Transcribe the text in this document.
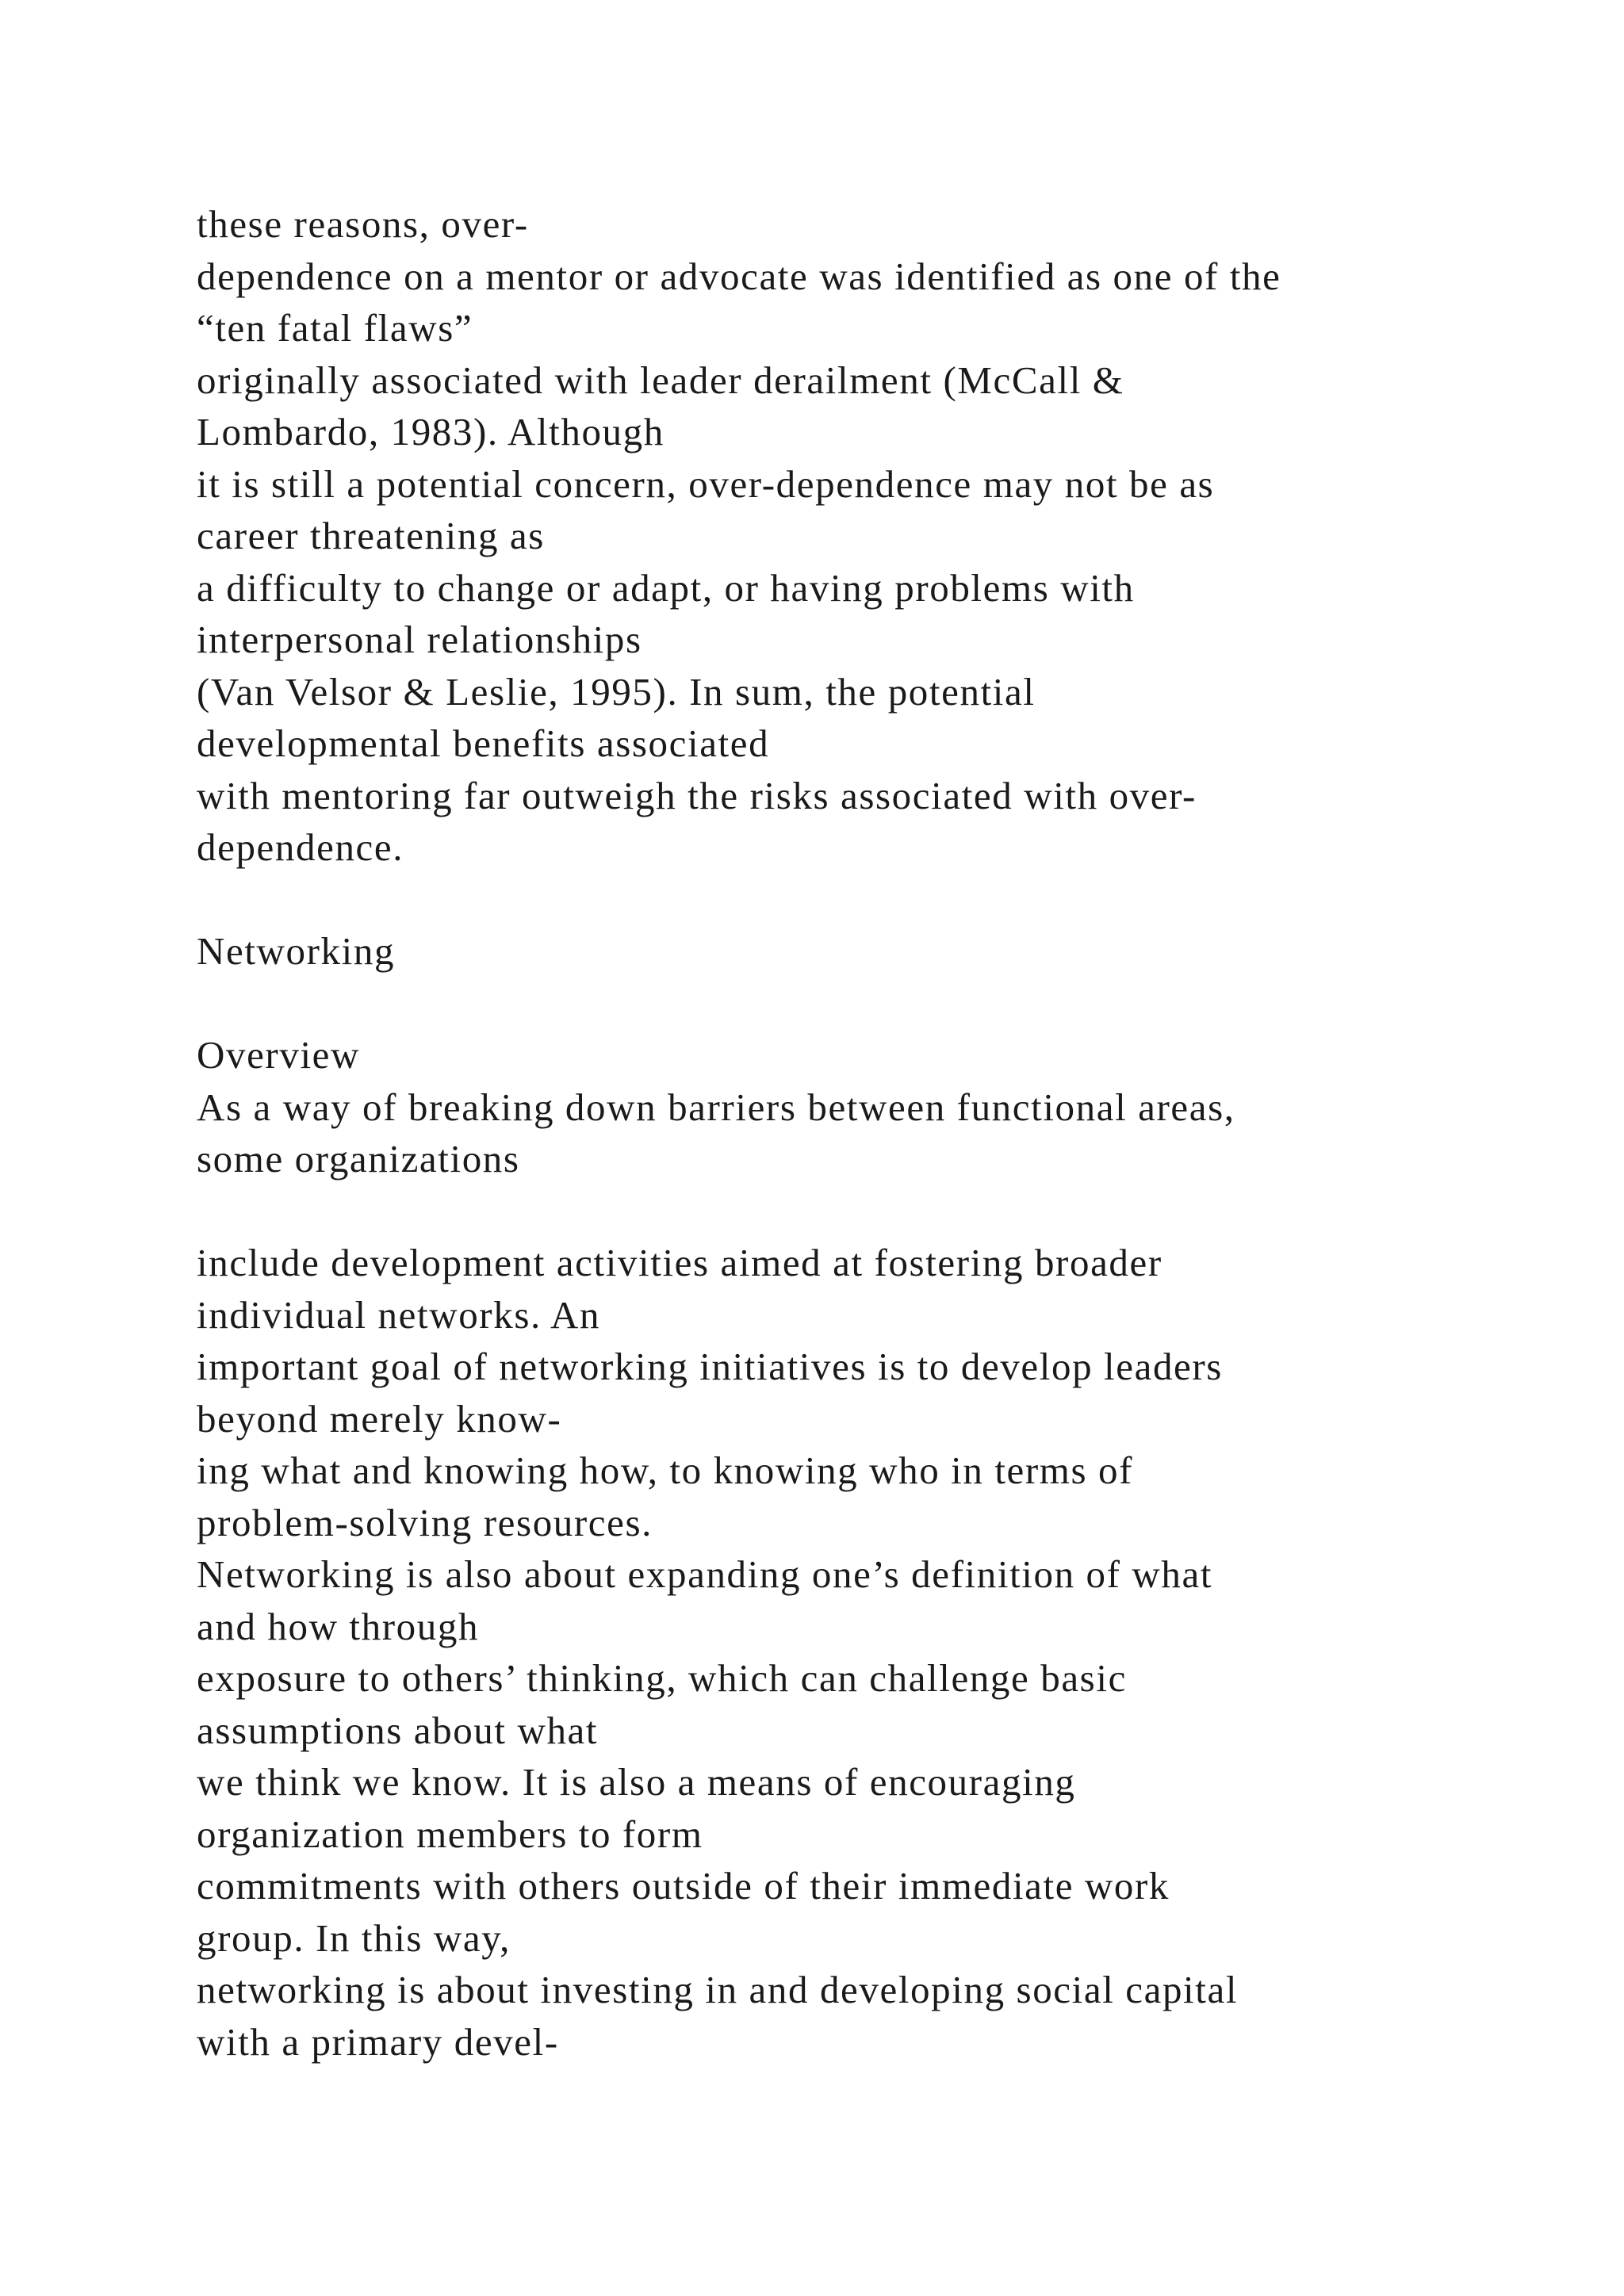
these reasons, over-
dependence on a mentor or advocate was identified as one of the
“ten fatal flaws”
originally associated with leader derailment (McCall &
Lombardo, 1983). Although
it is still a potential concern, over-dependence may not be as
career threatening as
a difficulty to change or adapt, or having problems with
interpersonal relationships
(Van Velsor & Leslie, 1995). In sum, the potential
developmental benefits associated
with mentoring far outweigh the risks associated with over-
dependence.
Networking
Overview
As a way of breaking down barriers between functional areas,
some organizations
include development activities aimed at fostering broader
individual networks. An
important goal of networking initiatives is to develop leaders
beyond merely know-
ing what and knowing how, to knowing who in terms of
problem-solving resources.
Networking is also about expanding one’s definition of what
and how through
exposure to others’ thinking, which can challenge basic
assumptions about what
we think we know. It is also a means of encouraging
organization members to form
commitments with others outside of their immediate work
group. In this way,
networking is about investing in and developing social capital
with a primary devel-
